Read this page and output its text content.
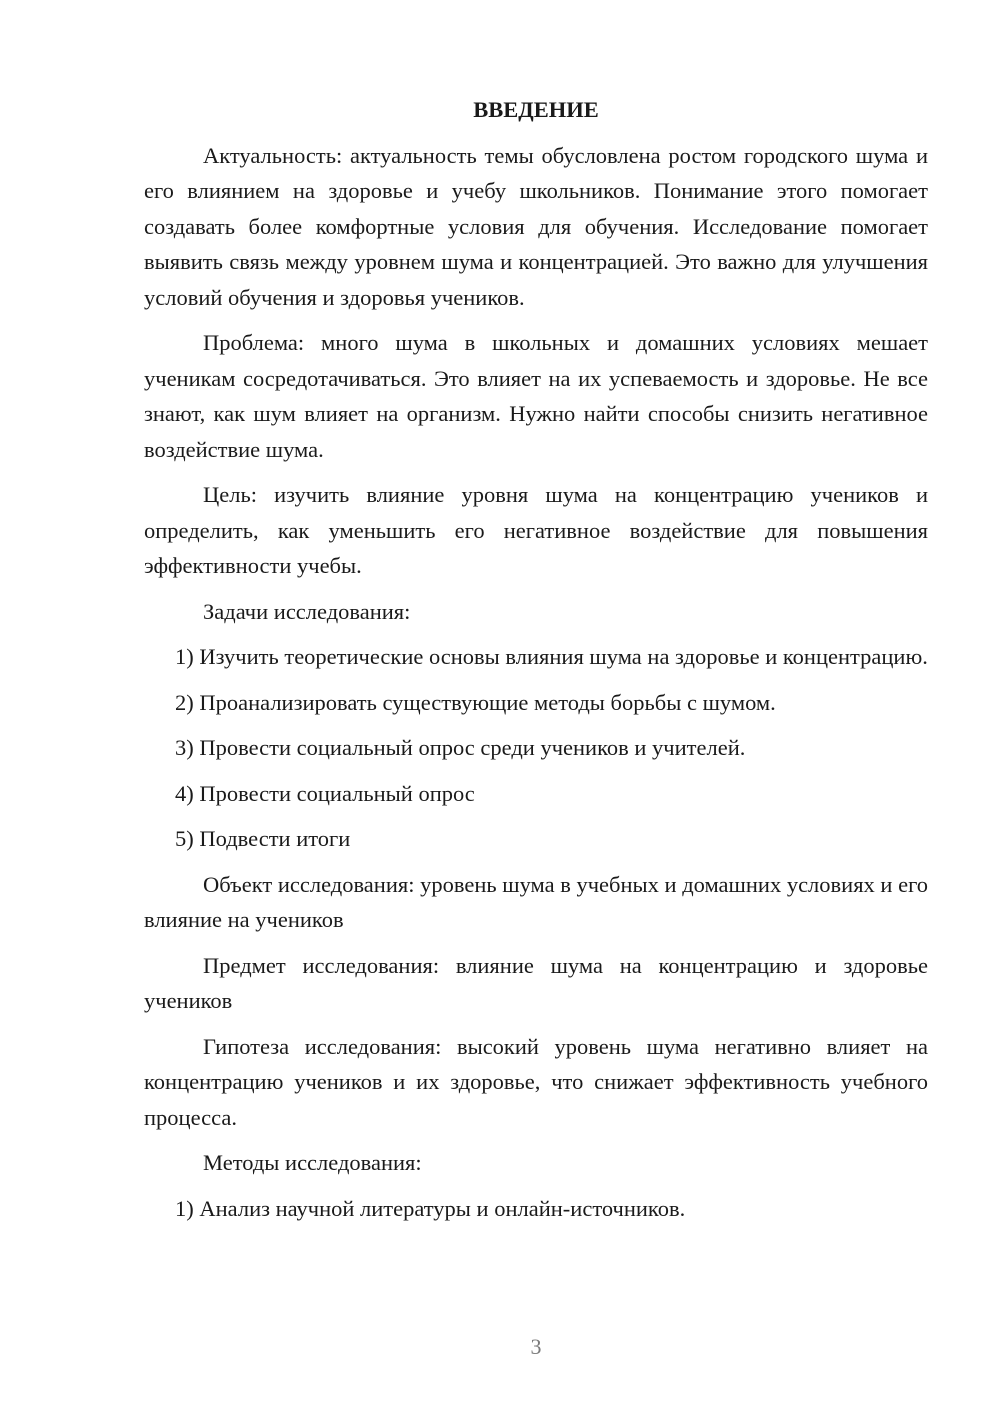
ВВЕДЕНИЕ

Актуальность: актуальность темы обусловлена ростом городского шума и его влиянием на здоровье и учебу школьников. Понимание этого помогает создавать более комфортные условия для обучения. Исследование помогает выявить связь между уровнем шума и концентрацией. Это важно для улучшения условий обучения и здоровья учеников.

Проблема: много шума в школьных и домашних условиях мешает ученикам сосредотачиваться. Это влияет на их успеваемость и здоровье. Не все знают, как шум влияет на организм. Нужно найти способы снизить негативное воздействие шума.

Цель: изучить влияние уровня шума на концентрацию учеников и определить, как уменьшить его негативное воздействие для повышения эффективности учебы.

Задачи исследования:

1) Изучить теоретические основы влияния шума на здоровье и концентрацию.

2) Проанализировать существующие методы борьбы с шумом.

3) Провести социальный опрос среди учеников и учителей.

4) Провести социальный опрос

5) Подвести итоги

Объект исследования: уровень шума в учебных и домашних условиях и его влияние на учеников

Предмет исследования: влияние шума на концентрацию и здоровье учеников

Гипотеза исследования: высокий уровень шума негативно влияет на концентрацию учеников и их здоровье, что снижает эффективность учебного процесса.

Методы исследования:

1) Анализ научной литературы и онлайн-источников.

3
